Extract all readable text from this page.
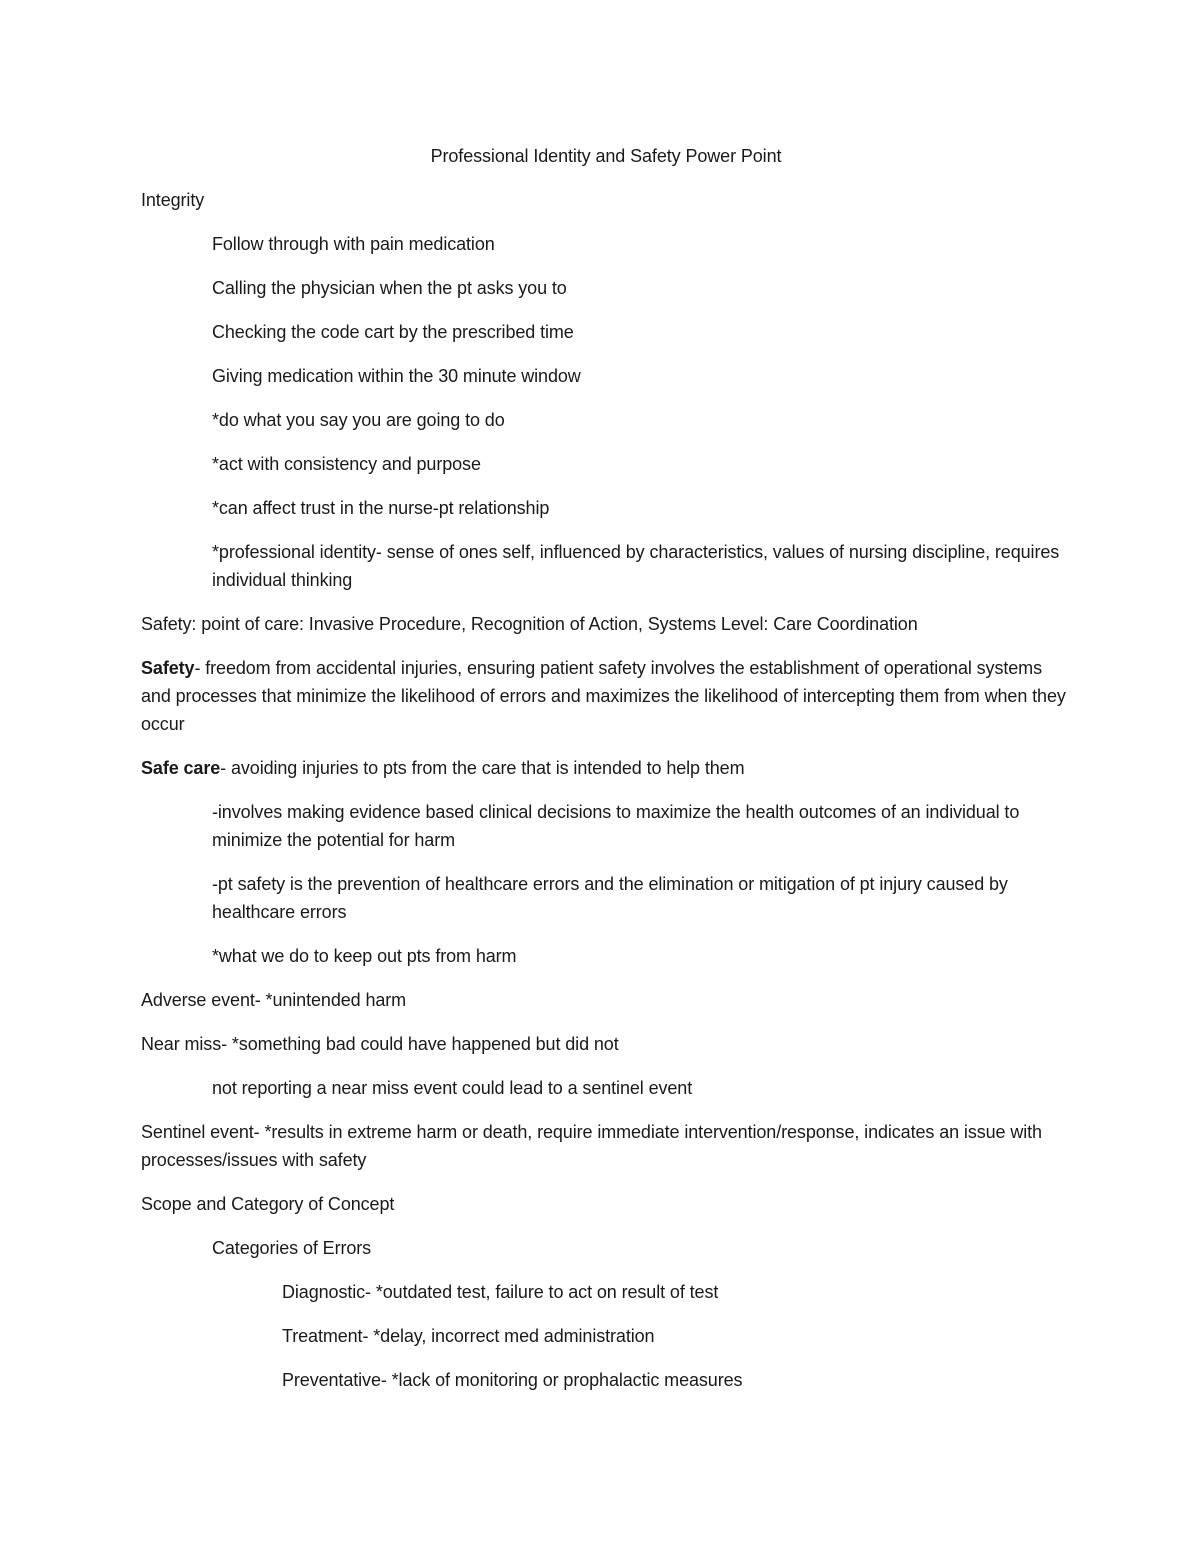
Professional Identity and Safety Power Point

Integrity

Follow through with pain medication

Calling the physician when the pt asks you to

Checking the code cart by the prescribed time

Giving medication within the 30 minute window

*do what you say you are going to do

*act with consistency and purpose

*can affect trust in the nurse-pt relationship

*professional identity- sense of ones self, influenced by characteristics, values of nursing discipline, requires individual thinking

Safety: point of care: Invasive Procedure, Recognition of Action, Systems Level: Care Coordination

Safety- freedom from accidental injuries, ensuring patient safety involves the establishment of operational systems and processes that minimize the likelihood of errors and maximizes the likelihood of intercepting them from when they occur

Safe care- avoiding injuries to pts from the care that is intended to help them

-involves making evidence based clinical decisions to maximize the health outcomes of an individual to minimize the potential for harm

-pt safety is the prevention of healthcare errors and the elimination or mitigation of pt injury caused by healthcare errors

*what we do to keep out pts from harm

Adverse event- *unintended harm

Near miss- *something bad could have happened but did not

not reporting a near miss event could lead to a sentinel event

Sentinel event- *results in extreme harm or death, require immediate intervention/response, indicates an issue with processes/issues with safety

Scope and Category of Concept

Categories of Errors

Diagnostic- *outdated test, failure to act on result of test

Treatment- *delay, incorrect med administration

Preventative- *lack of monitoring or prophalactic measures
